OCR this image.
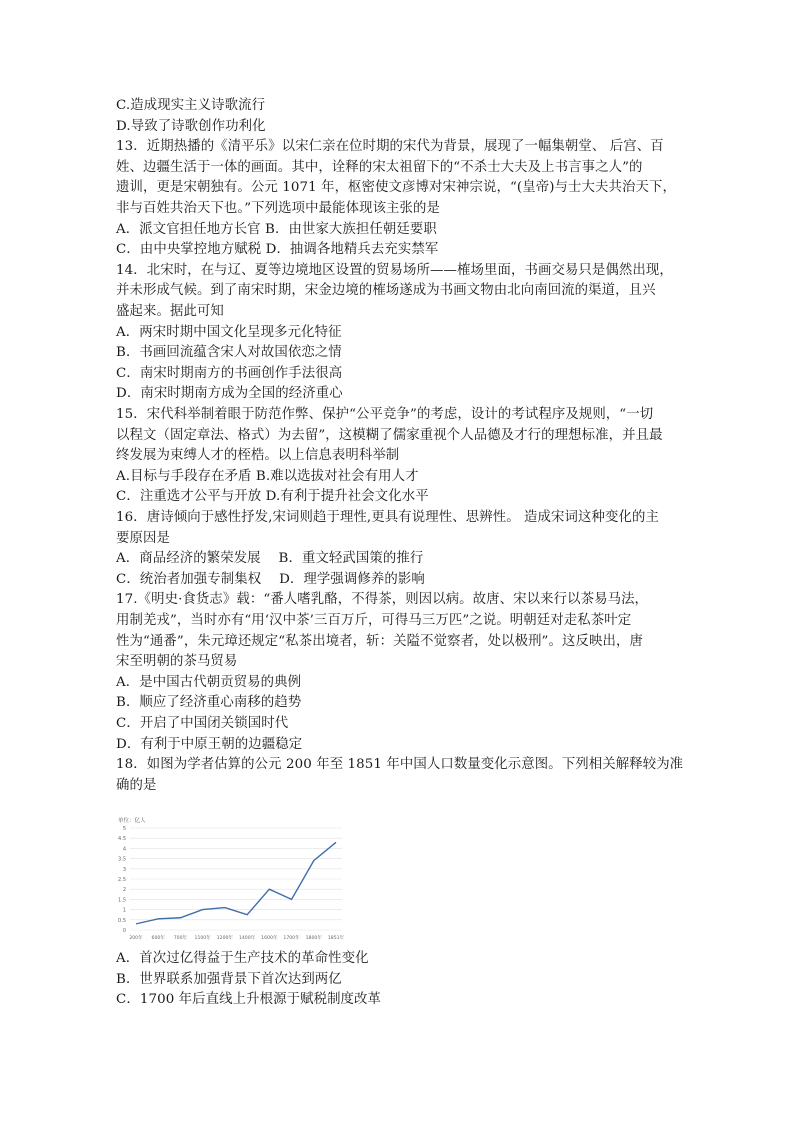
C.造成现实主义诗歌流行
D.导致了诗歌创作功利化
13．近期热播的《清平乐》以宋仁亲在位时期的宋代为背景，展现了一幅集朝堂、 后宫、百
姓、边疆生活于一体的画面。其中，诠释的宋太祖留下的“不杀士大夫及上书言事之人”的
遗训，更是宋朝独有。公元 1071 年，枢密使文彦博对宋神宗说，“(皇帝)与士大夫共治天下，
非与百姓共治天下也。”下列选项中最能体现该主张的是
A．派文官担任地方长官 B．由世家大族担任朝廷要职
C．由中央掌控地方赋税 D．抽调各地精兵去充实禁军
14．北宋时，在与辽、夏等边境地区设置的贸易场所——榷场里面，书画交易只是偶然出现，
并未形成气候。到了南宋时期，宋金边境的榷场遂成为书画文物由北向南回流的渠道，且兴
盛起来。据此可知
A．两宋时期中国文化呈现多元化特征
B．书画回流蕴含宋人对故国依恋之情
C．南宋时期南方的书画创作手法很高
D．南宋时期南方成为全国的经济重心
15．宋代科举制着眼于防范作弊、保护“公平竞争”的考虑，设计的考试程序及规则，“一切
以程文（固定章法、格式）为去留”，这模糊了儒家重视个人品德及才行的理想标准，并且最
终发展为束缚人才的桎梏。以上信息表明科举制
A.目标与手段存在矛盾 B.难以选拔对社会有用人才
C．注重选才公平与开放 D.有利于提升社会文化水平
16．唐诗倾向于感性抒发,宋词则趋于理性,更具有说理性、思辨性。 造成宋词这种变化的主
要原因是
A．商品经济的繁荣发展　 B．重文轻武国策的推行
C．统治者加强专制集权　 D．理学强调修养的影响
17.《明史·食货志》载：“番人嗜乳酪，不得茶，则因以病。故唐、宋以来行以茶易马法，
用制羌戎”，当时亦有“用‘汉中茶’三百万斤，可得马三万匹”之说。明朝廷对走私茶叶定
性为“通番”，朱元璋还规定“私茶出境者，斩：关隘不觉察者，处以极刑”。这反映出，唐
宋至明朝的茶马贸易
A．是中国古代朝贡贸易的典例
B．顺应了经济重心南移的趋势
C．开启了中国闭关锁国时代
D．有利于中原王朝的边疆稳定
18．如图为学者估算的公元 200 年至 1851 年中国人口数量变化示意图。下列相关解释较为准
确的是
单位：亿人
5
4.5
4
3.5
3
2.5
2
1.5
1
0.5
0
200年 600年 700年 1100年 1200年 1400年 1600年 1700年 1800年 1851年
A．首次过亿得益于生产技术的革命性变化
B．世界联系加强背景下首次达到两亿
C．1700 年后直线上升根源于赋税制度改革
